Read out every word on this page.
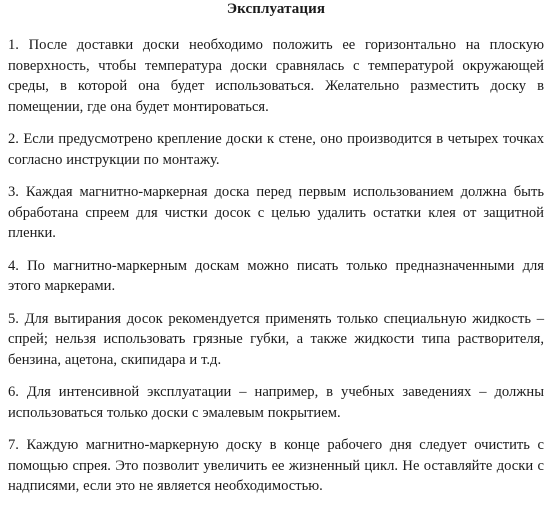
Эксплуатация

1. После доставки доски необходимо положить ее горизонтально на плоскую поверхность, чтобы температура доски сравнялась с температурой окружающей среды, в которой она будет использоваться. Желательно разместить доску в помещении, где она будет монтироваться.

2. Если предусмотрено крепление доски к стене, оно производится в четырех точках согласно инструкции по монтажу.

3. Каждая магнитно-маркерная доска перед первым использованием должна быть обработана спреем для чистки досок с целью удалить остатки клея от защитной пленки.

4. По магнитно-маркерным доскам можно писать только предназначенными для этого маркерами.

5. Для вытирания досок рекомендуется применять только специальную жидкость – спрей; нельзя использовать грязные губки, а также жидкости типа растворителя, бензина, ацетона, скипидара и т.д.

6. Для интенсивной эксплуатации – например, в учебных заведениях – должны использоваться только доски с эмалевым покрытием.

7. Каждую магнитно-маркерную доску в конце рабочего дня следует очистить с помощью спрея. Это позволит увеличить ее жизненный цикл. Не оставляйте доски с надписями, если это не является необходимостью.
